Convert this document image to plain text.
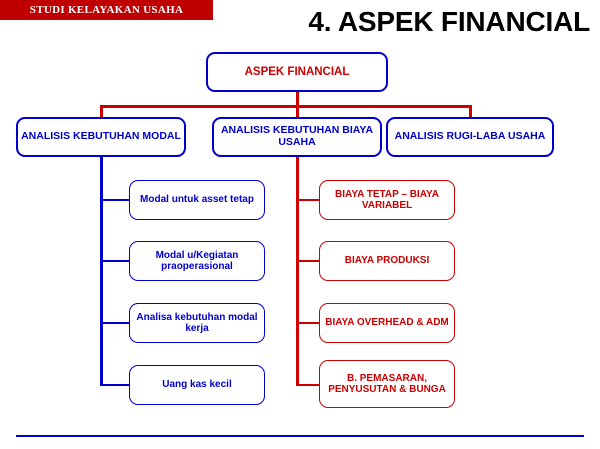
STUDI KELAYAKAN USAHA	4. ASPEK FINANCIAL
ASPEK FINANCIAL
ANALISIS KEBUTUHAN MODAL	ANALISIS KEBUTUHAN BIAYA USAHA	ANALISIS RUGI-LABA USAHA
Modal untuk asset tetap
Modal u/Kegiatan praoperasional
Analisa kebutuhan modal kerja
Uang kas kecil
BIAYA TETAP – BIAYA VARIABEL
BIAYA PRODUKSI
BIAYA OVERHEAD & ADM
B. PEMASARAN, PENYUSUTAN & BUNGA
